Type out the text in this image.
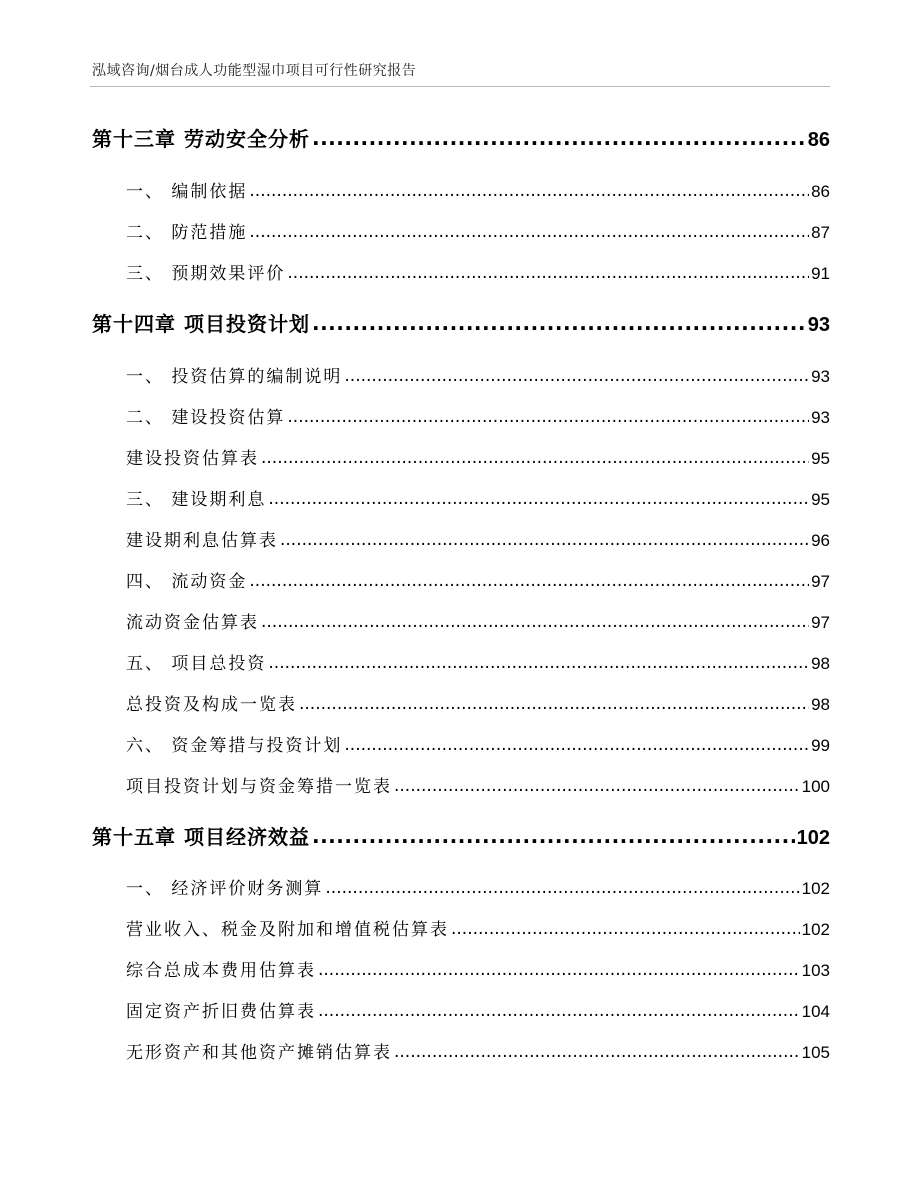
泓域咨询/烟台成人功能型湿巾项目可行性研究报告
第十三章 劳动安全分析 .....	86
一、 编制依据 .....	86
二、 防范措施 .....	87
三、 预期效果评价 .....	91
第十四章 项目投资计划 .....	93
一、 投资估算的编制说明 .....	93
二、 建设投资估算 .....	93
建设投资估算表 .....	95
三、 建设期利息 .....	95
建设期利息估算表 .....	96
四、 流动资金 .....	97
流动资金估算表 .....	97
五、 项目总投资 .....	98
总投资及构成一览表 .....	98
六、 资金筹措与投资计划 .....	99
项目投资计划与资金筹措一览表 .....	100
第十五章 项目经济效益 .....	102
一、 经济评价财务测算 .....	102
营业收入、税金及附加和增值税估算表 .....	102
综合总成本费用估算表 .....	103
固定资产折旧费估算表 .....	104
无形资产和其他资产摊销估算表 .....	105
